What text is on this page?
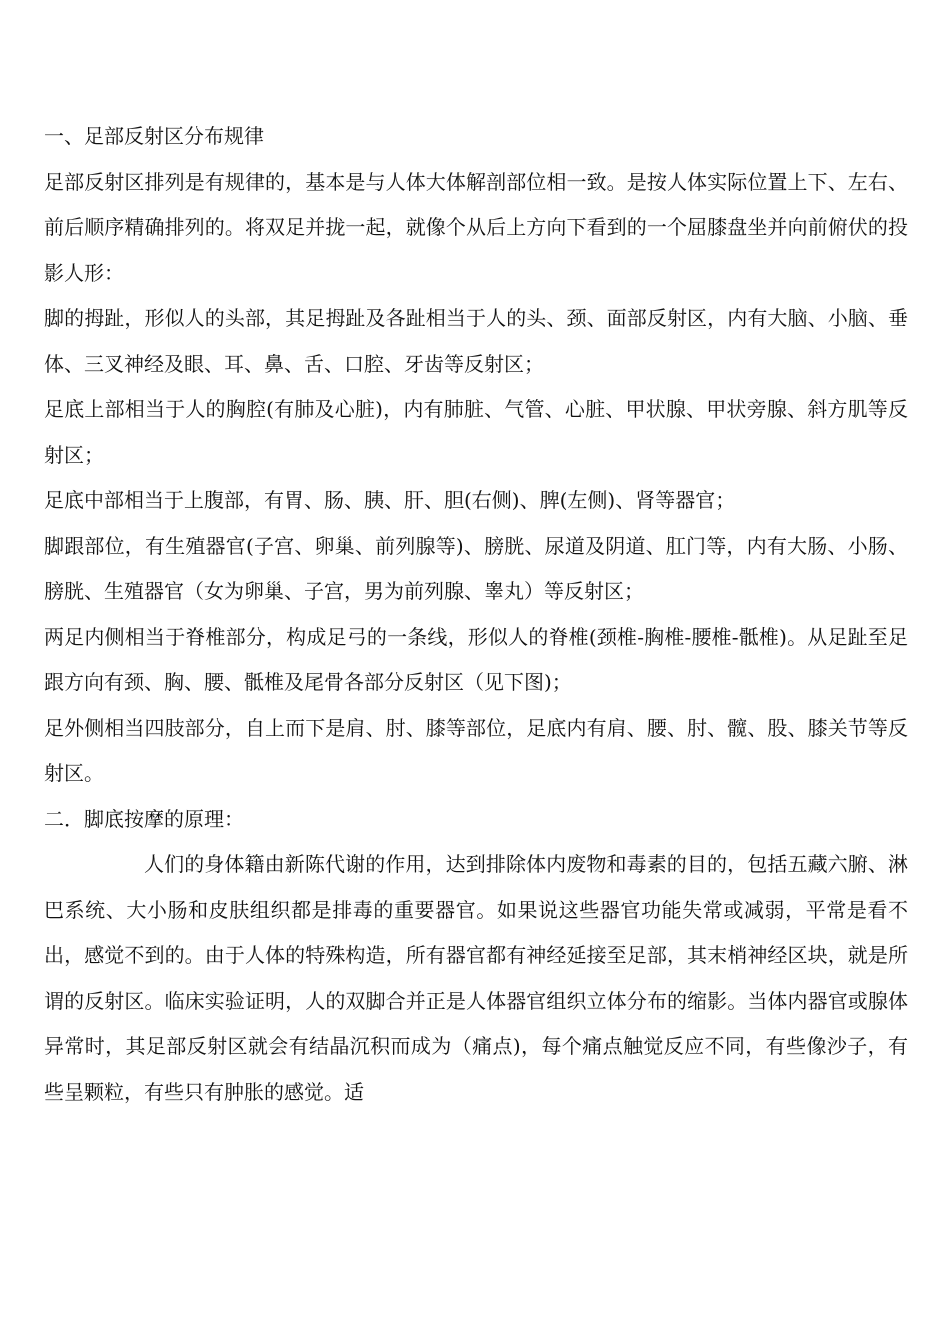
一、足部反射区分布规律

足部反射区排列是有规律的，基本是与人体大体解剖部位相一致。是按人体实际位置上下、左右、前后顺序精确排列的。将双足并拢一起，就像个从后上方向下看到的一个屈膝盘坐并向前俯伏的投影人形：

脚的拇趾，形似人的头部，其足拇趾及各趾相当于人的头、颈、面部反射区，内有大脑、小脑、垂体、三叉神经及眼、耳、鼻、舌、口腔、牙齿等反射区；

足底上部相当于人的胸腔(有肺及心脏)，内有肺脏、气管、心脏、甲状腺、甲状旁腺、斜方肌等反射区；

足底中部相当于上腹部，有胃、肠、胰、肝、胆(右侧)、脾(左侧)、肾等器官；

脚跟部位，有生殖器官(子宫、卵巢、前列腺等)、膀胱、尿道及阴道、肛门等，内有大肠、小肠、膀胱、生殖器官（女为卵巢、子宫，男为前列腺、睾丸）等反射区；

两足内侧相当于脊椎部分，构成足弓的一条线，形似人的脊椎(颈椎-胸椎-腰椎-骶椎)。从足趾至足跟方向有颈、胸、腰、骶椎及尾骨各部分反射区（见下图)；

足外侧相当四肢部分，自上而下是肩、肘、膝等部位，足底内有肩、腰、肘、髋、股、膝关节等反射区。

二．脚底按摩的原理：

人们的身体籍由新陈代谢的作用，达到排除体内废物和毒素的目的，包括五藏六腑、淋巴系统、大小肠和皮肤组织都是排毒的重要器官。如果说这些器官功能失常或减弱，平常是看不出，感觉不到的。由于人体的特殊构造，所有器官都有神经延接至足部，其末梢神经区块，就是所谓的反射区。临床实验证明，人的双脚合并正是人体器官组织立体分布的缩影。当体内器官或腺体异常时，其足部反射区就会有结晶沉积而成为（痛点)，每个痛点触觉反应不同，有些像沙子，有些呈颗粒，有些只有肿胀的感觉。适
